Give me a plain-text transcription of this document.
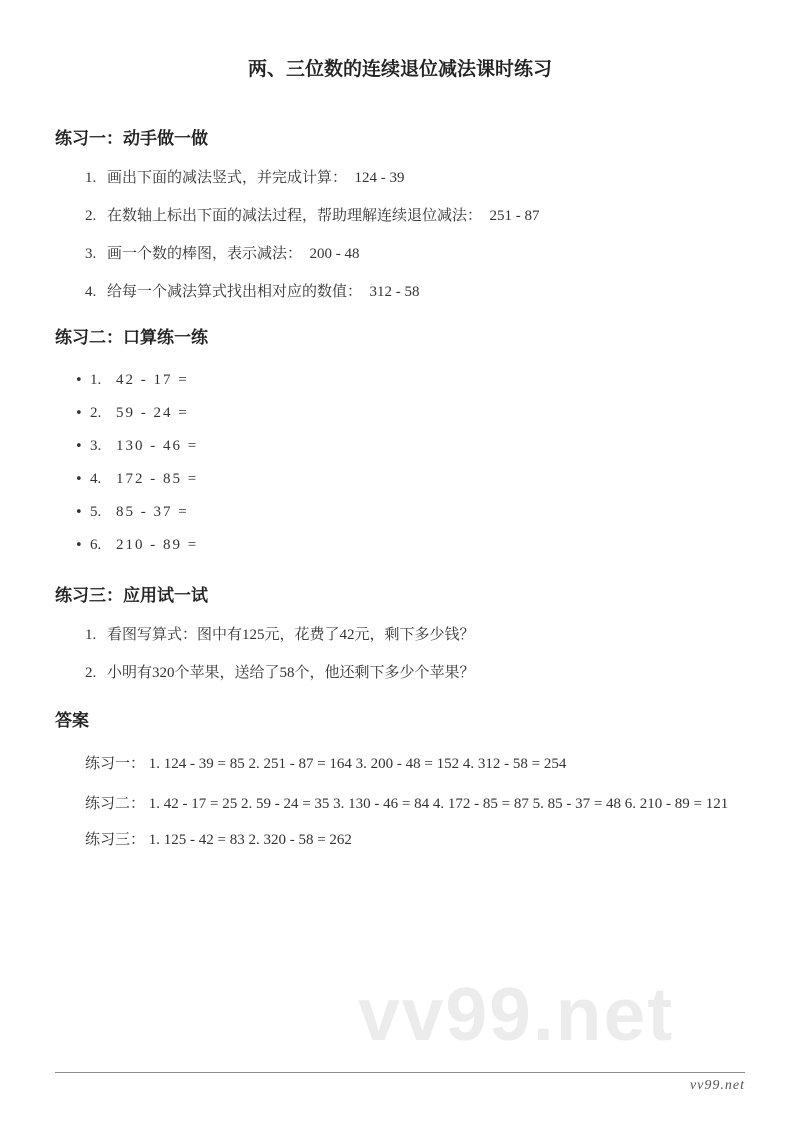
vv99.net
两、三位数的连续退位减法课时练习
练习一：动手做一做
1. 画出下面的减法竖式，并完成计算：  124 - 39
2. 在数轴上标出下面的减法过程，帮助理解连续退位减法：  251 - 87
3. 画一个数的棒图，表示减法：  200 - 48
4. 给每一个减法算式找出相对应的数值：  312 - 58
练习二：口算练一练
• 1. 42 - 17 =
• 2. 59 - 24 =
• 3. 130 - 46 =
• 4. 172 - 85 =
• 5. 85 - 37 =
• 6. 210 - 89 =
练习三：应用试一试
1. 看图写算式：图中有125元，花费了42元，剩下多少钱？
2. 小明有320个苹果，送给了58个，他还剩下多少个苹果？
答案

练习一： 1. 124 - 39 = 85 2. 251 - 87 = 164 3. 200 - 48 = 152 4. 312 - 58 = 254

练习二： 1. 42 - 17 = 25 2. 59 - 24 = 35 3. 130 - 46 = 84 4. 172 - 85 = 87 5. 85 - 37 = 48 6. 210 - 89 = 121

练习三： 1. 125 - 42 = 83 2. 320 - 58 = 262

vv99.net
